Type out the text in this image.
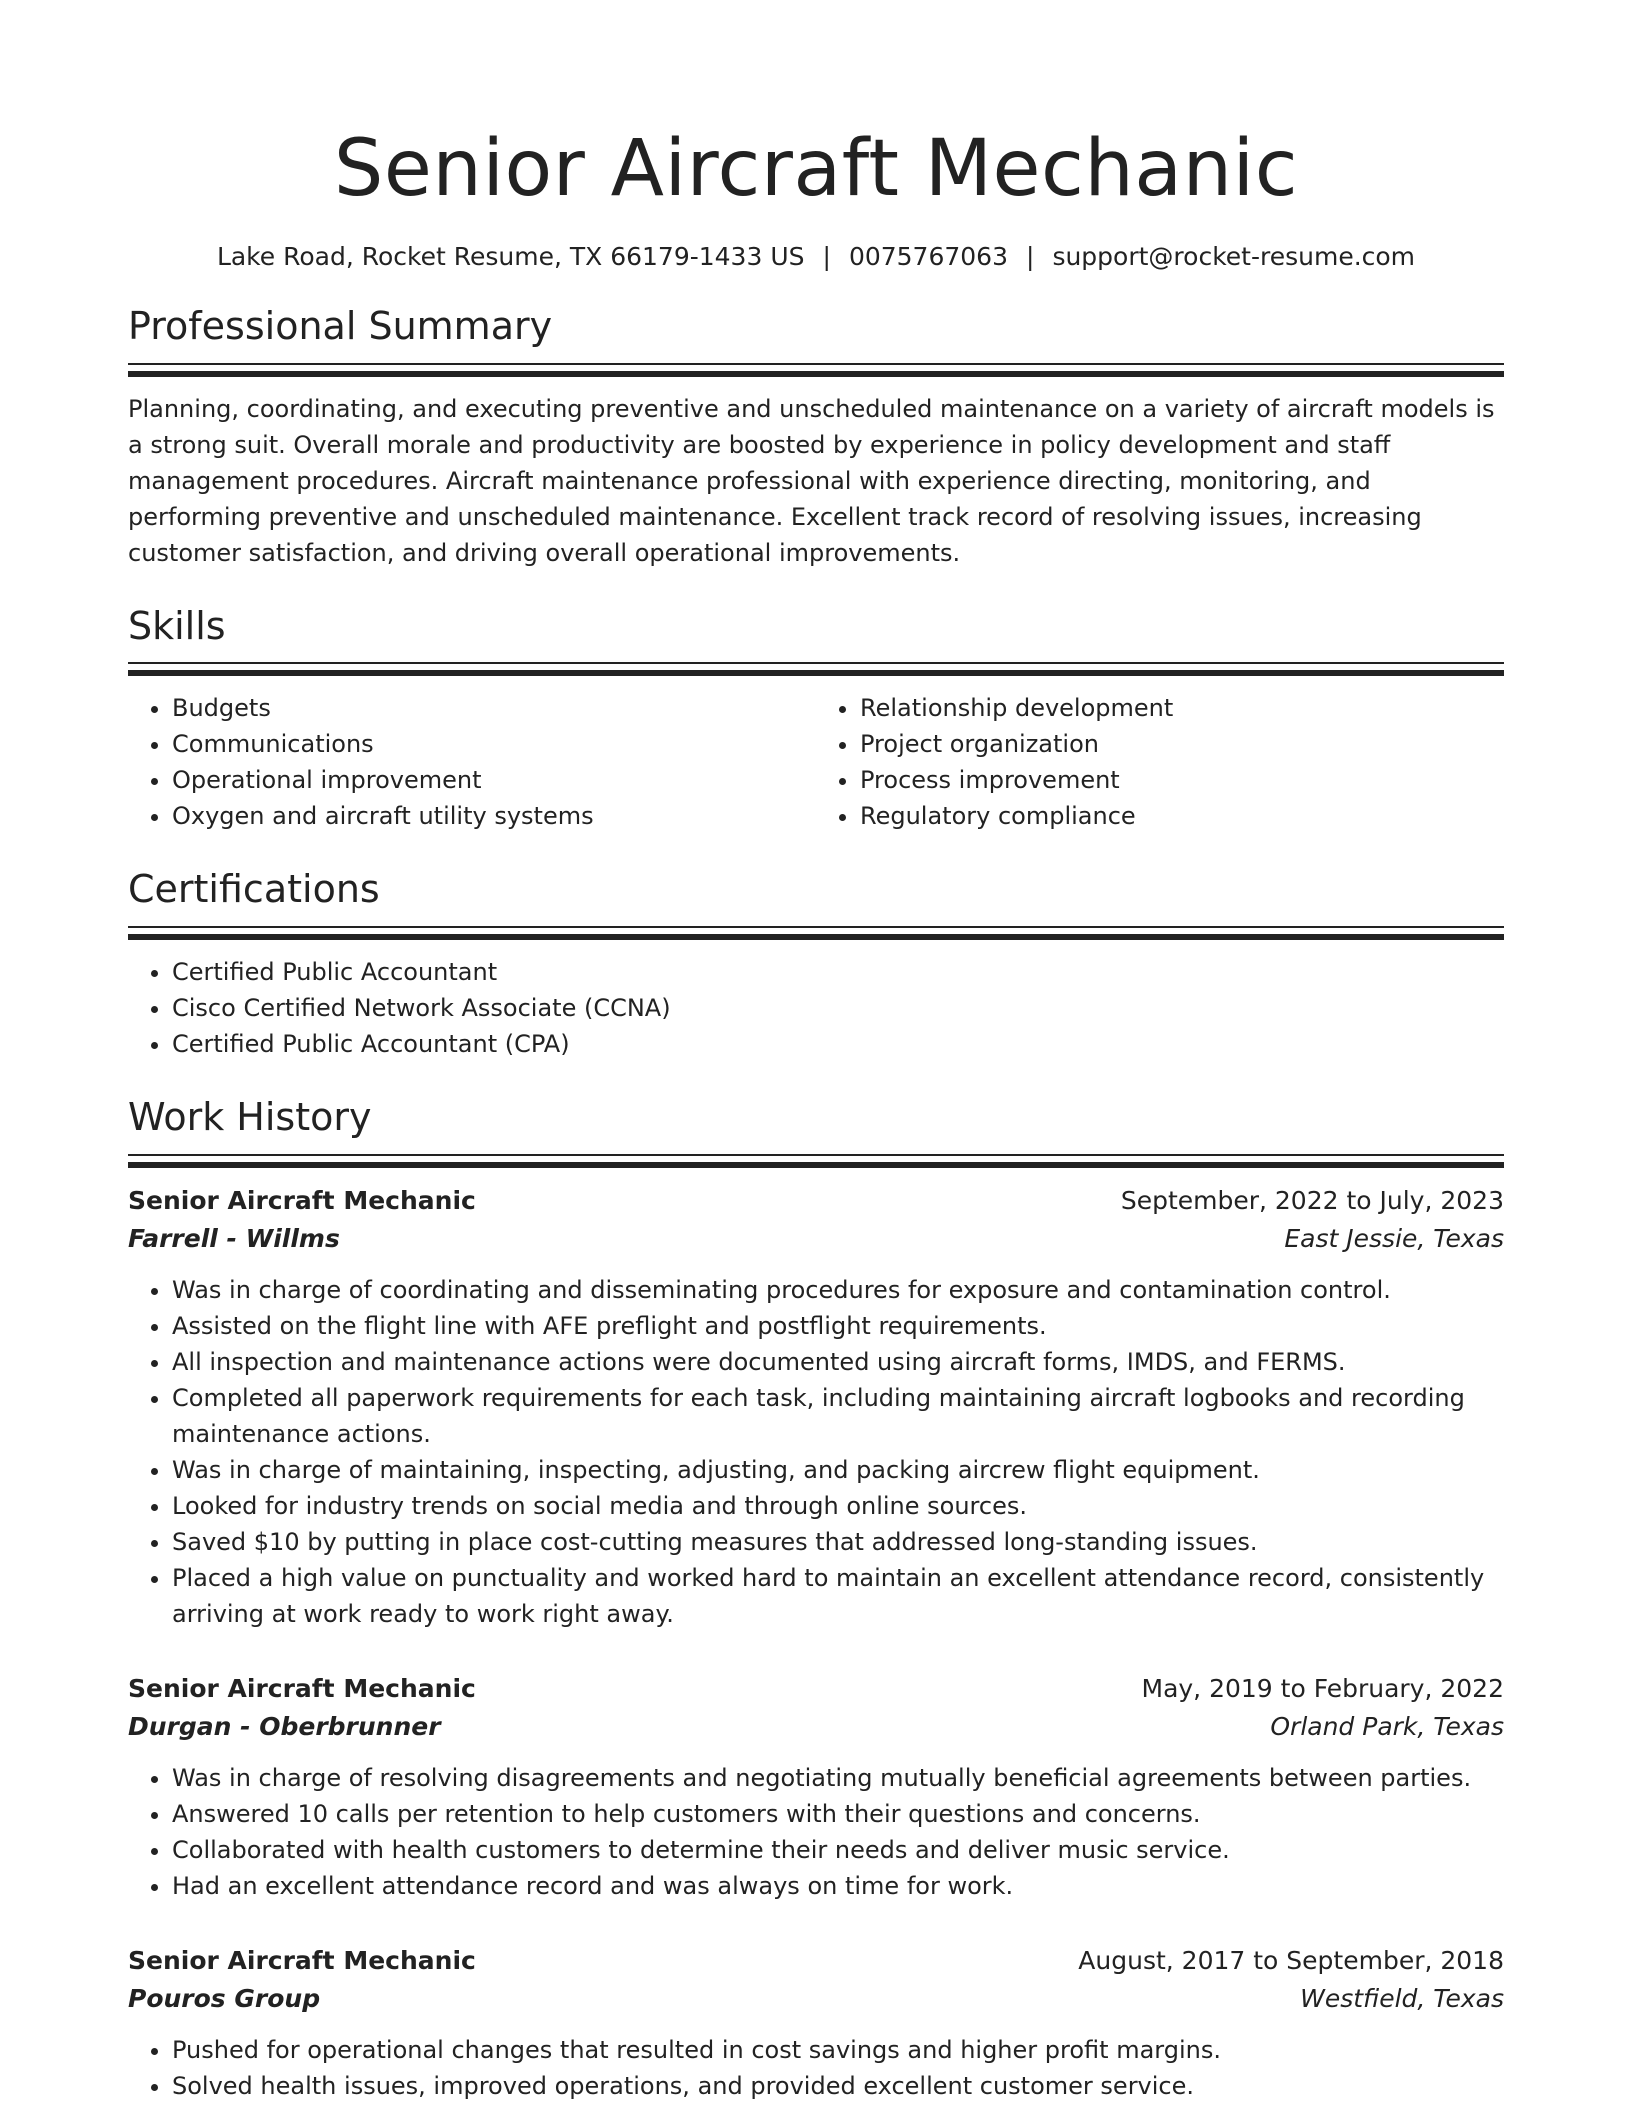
Senior Aircraft Mechanic
Lake Road, Rocket Resume, TX 66179-1433 US | 0075767063 | support@rocket-resume.com
Professional Summary

Planning, coordinating, and executing preventive and unscheduled maintenance on a variety of aircraft models is a strong suit. Overall morale and productivity are boosted by experience in policy development and staff management procedures. Aircraft maintenance professional with experience directing, monitoring, and performing preventive and unscheduled maintenance. Excellent track record of resolving issues, increasing customer satisfaction, and driving overall operational improvements.

Skills
• Budgets
• Communications
• Operational improvement
• Oxygen and aircraft utility systems
• Relationship development
• Project organization
• Process improvement
• Regulatory compliance
Certifications
• Certified Public Accountant
• Cisco Certified Network Associate (CCNA)
• Certified Public Accountant (CPA)
Work History
Senior Aircraft Mechanic	September, 2022 to July, 2023
Farrell - Willms	East Jessie, Texas
• Was in charge of coordinating and disseminating procedures for exposure and contamination control.
• Assisted on the flight line with AFE preflight and postflight requirements.
• All inspection and maintenance actions were documented using aircraft forms, IMDS, and FERMS.
• Completed all paperwork requirements for each task, including maintaining aircraft logbooks and recording maintenance actions.
• Was in charge of maintaining, inspecting, adjusting, and packing aircrew flight equipment.
• Looked for industry trends on social media and through online sources.
• Saved $10 by putting in place cost-cutting measures that addressed long-standing issues.
• Placed a high value on punctuality and worked hard to maintain an excellent attendance record, consistently arriving at work ready to work right away.
Senior Aircraft Mechanic	May, 2019 to February, 2022
Durgan - Oberbrunner	Orland Park, Texas
• Was in charge of resolving disagreements and negotiating mutually beneficial agreements between parties.
• Answered 10 calls per retention to help customers with their questions and concerns.
• Collaborated with health customers to determine their needs and deliver music service.
• Had an excellent attendance record and was always on time for work.
Senior Aircraft Mechanic	August, 2017 to September, 2018
Pouros Group	Westfield, Texas
• Pushed for operational changes that resulted in cost savings and higher profit margins.
• Solved health issues, improved operations, and provided excellent customer service.
